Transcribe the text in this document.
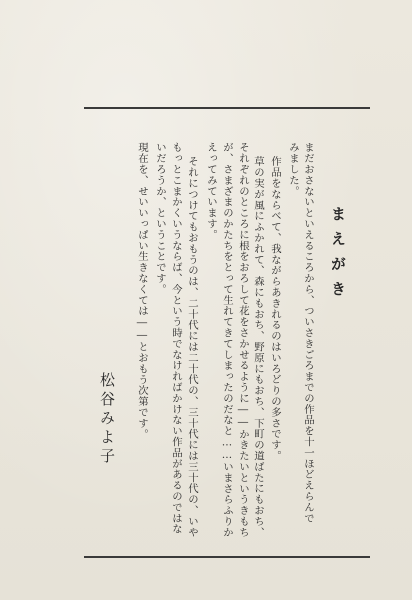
まえがき
まだおさないといえるころから、ついさきごろまでの作品を十一ほどえらんで
みました。
作品をならべて、我ながらあきれるのはいろどりの多さです。
草の実が風にふかれて、森にもおち、野原にもおち、下町の道ばたにもおち、
それぞれのところに根をおろして花をさかせるように――かきたいというきもち
が、さまざまのかたちをとって生れてきてしまったのだなと……いまさらふりか
えってみています。
それにつけてもおもうのは、二十代には二十代の、三十代には三十代の、いや
もっとこまかくいうならば、今という時でなければかけない作品があるのではな
いだろうか、ということです。
現在を、せいいっぱい生きなくては――とおもう次第です。
松谷みよ子
